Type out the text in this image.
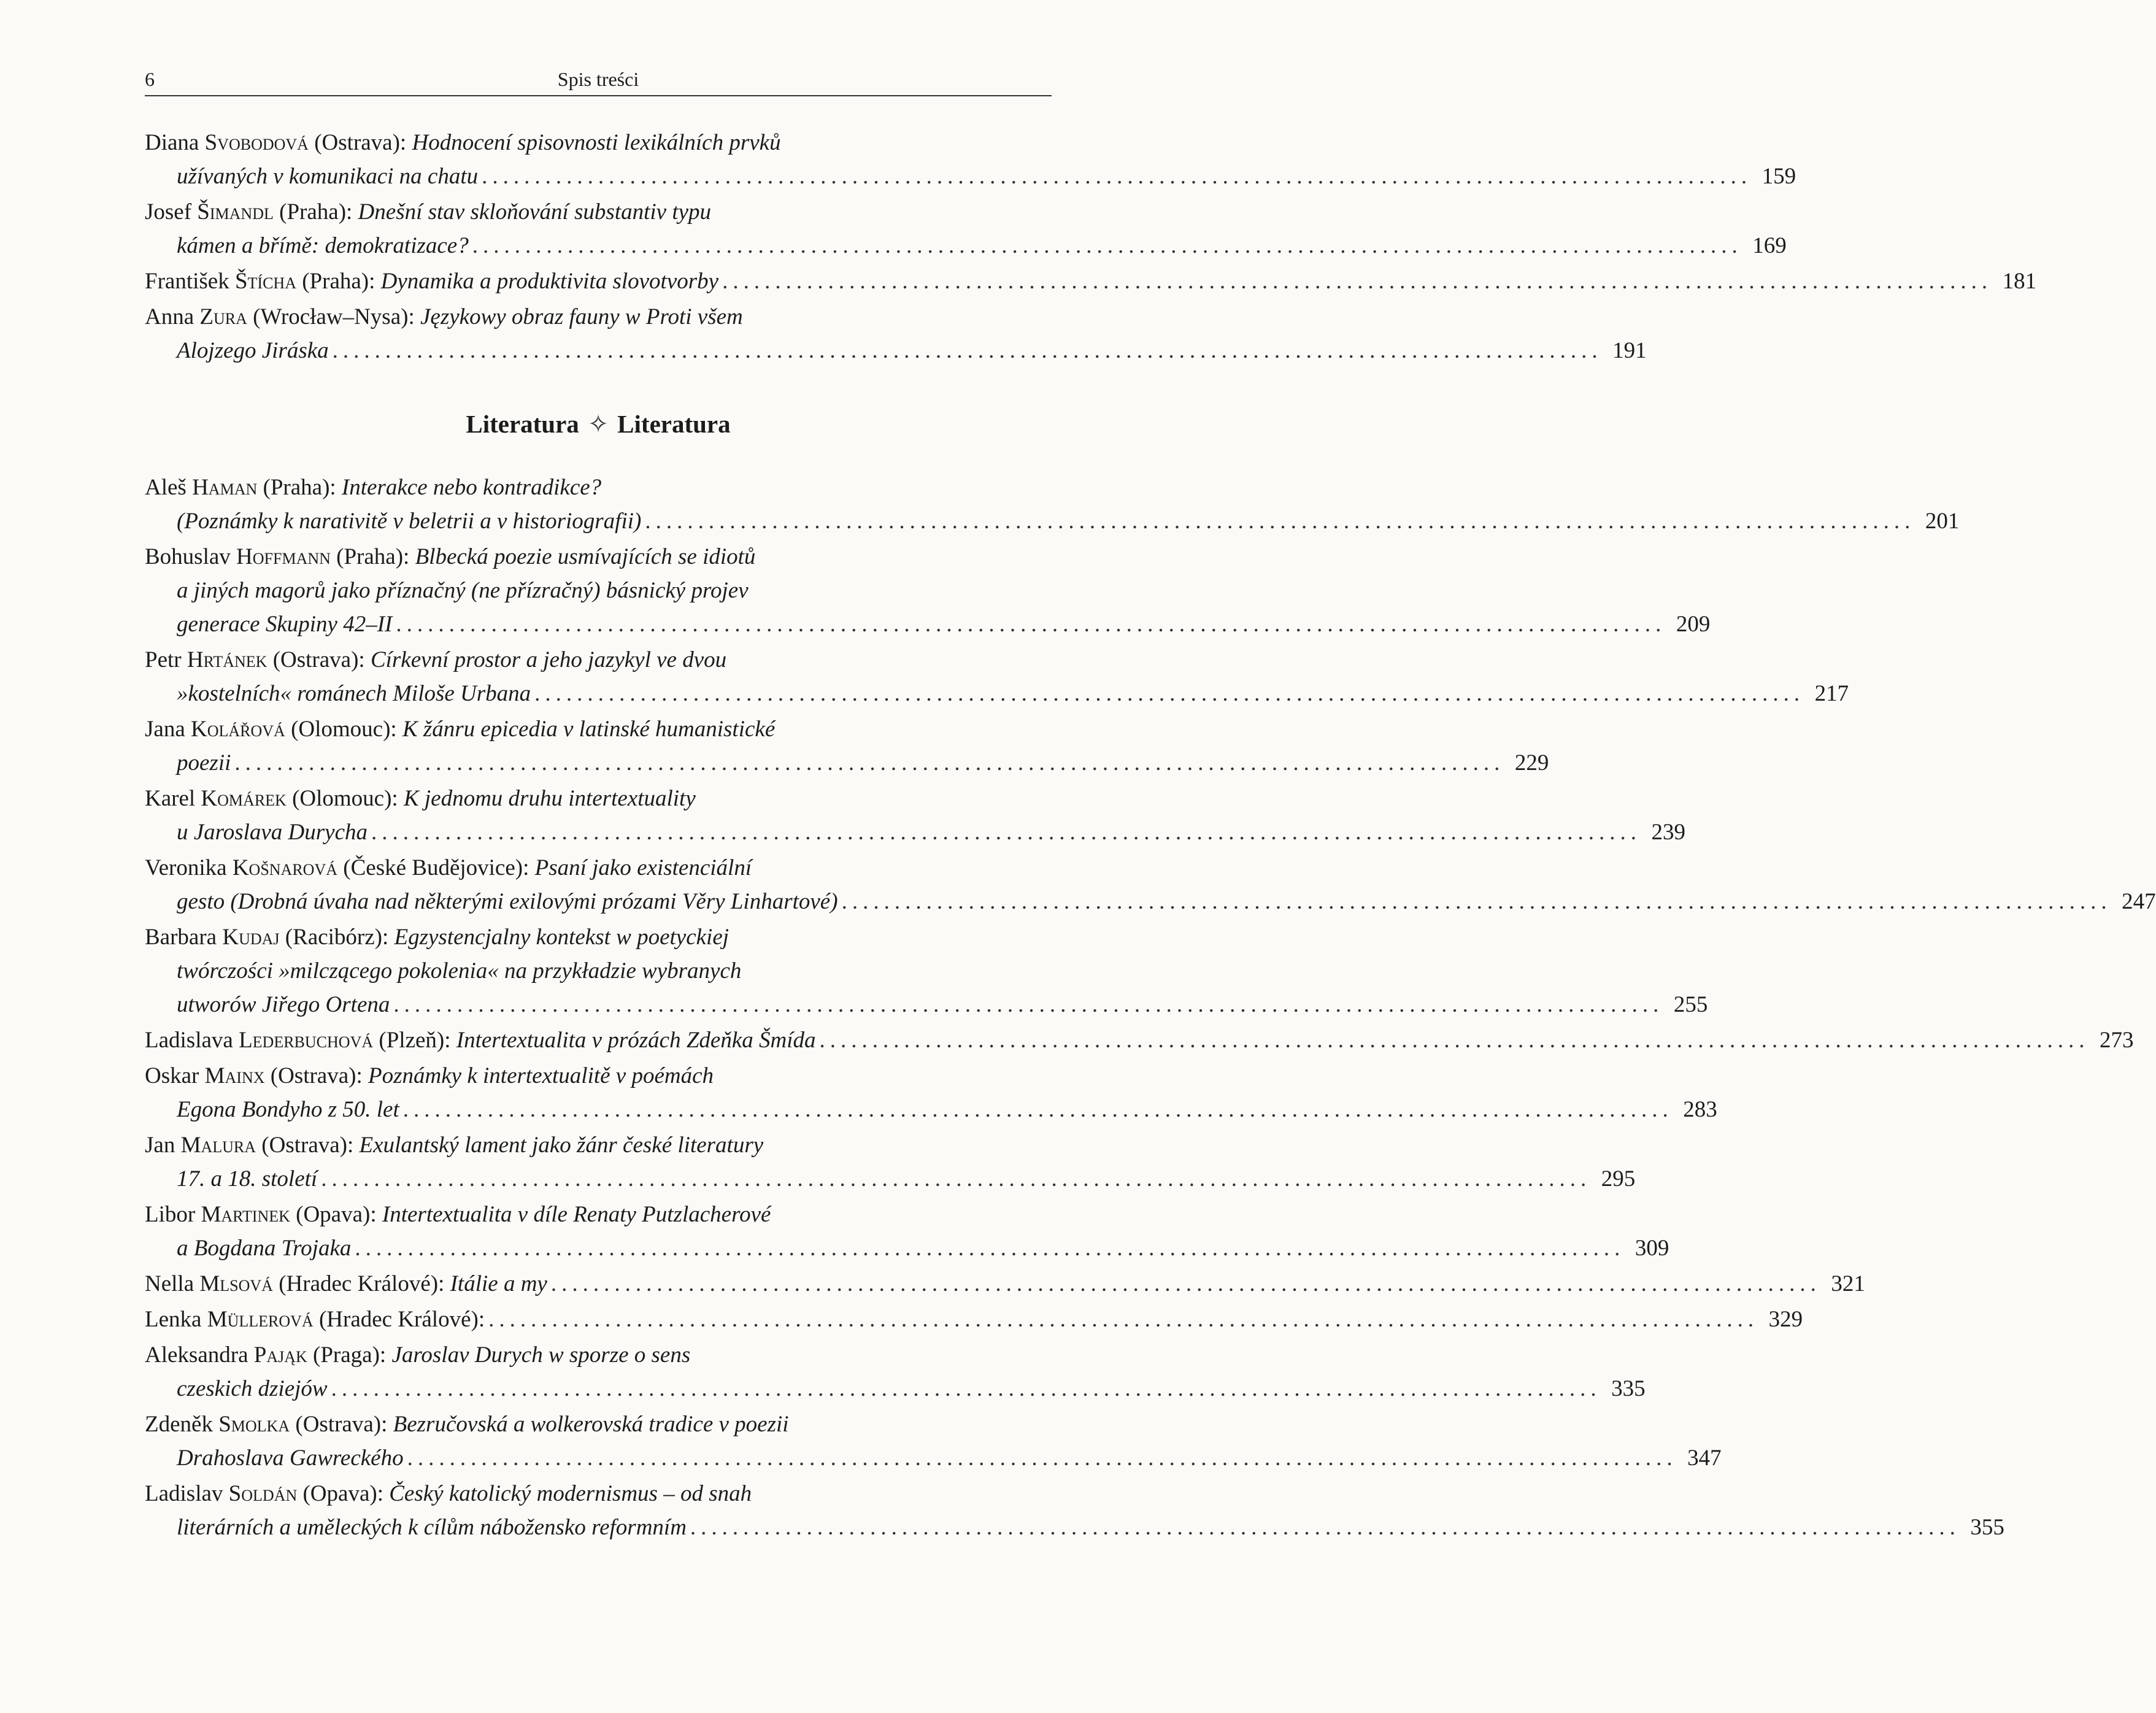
6	Spis treści
Diana Svobodová (Ostrava): Hodnocení spisovnosti lexikálních prvků
užívaných v komunikaci na chatu ........................................................................................................................ 159
Josef Šimandl (Praha): Dnešní stav skloňování substantiv typu
kámen a břímě: demokratizace? ........................................................................................................................ 169
František Štícha (Praha): Dynamika a produktivita slovotvorby ........................................................................................................................ 181
Anna Zura (Wrocław–Nysa): Językowy obraz fauny w Proti všem
Alojzego Jiráska ........................................................................................................................ 191
Literatura ✧ Literatura
Aleš Haman (Praha): Interakce nebo kontradikce?
(Poznámky k narativitě v beletrii a v historiografii) ........................................................................................................................ 201
Bohuslav Hoffmann (Praha): Blbecká poezie usmívajících se idiotů
a jiných magorů jako příznačný (ne přízračný) básnický projev
generace Skupiny 42–II ........................................................................................................................ 209
Petr Hrtánek (Ostrava): Církevní prostor a jeho jazykyl ve dvou
»kostelních« románech Miloše Urbana ........................................................................................................................ 217
Jana Kolářová (Olomouc): K žánru epicedia v latinské humanistické
poezii ........................................................................................................................ 229
Karel Komárek (Olomouc): K jednomu druhu intertextuality
u Jaroslava Durycha ........................................................................................................................ 239
Veronika Košnarová (České Budějovice): Psaní jako existenciální
gesto (Drobná úvaha nad některými exilovými prózami Věry Linhartové) ........................................................................................................................ 247
Barbara Kudaj (Racibórz): Egzystencjalny kontekst w poetyckiej
twórczości »milczącego pokolenia« na przykładzie wybranych
utworów Jiřego Ortena ........................................................................................................................ 255
Ladislava Lederbuchová (Plzeň): Intertextualita v prózách Zdeňka Šmída ........................................................................................................................ 273
Oskar Mainx (Ostrava): Poznámky k intertextualitě v poémách
Egona Bondyho z 50. let ........................................................................................................................ 283
Jan Malura (Ostrava): Exulantský lament jako žánr české literatury
17. a 18. století ........................................................................................................................ 295
Libor Martinek (Opava): Intertextualita v díle Renaty Putzlacherové
a Bogdana Trojaka ........................................................................................................................ 309
Nella Mlsová (Hradec Králové): Itálie a my ........................................................................................................................ 321
Lenka Müllerová (Hradec Králové): ........................................................................................................................ 329
Aleksandra Pająk (Praga): Jaroslav Durych w sporze o sens
czeskich dziejów ........................................................................................................................ 335
Zdeněk Smolka (Ostrava): Bezručovská a wolkerovská tradice v poezii
Drahoslava Gawreckého ........................................................................................................................ 347
Ladislav Soldán (Opava): Český katolický modernismus – od snah
literárních a uměleckých k cílům nábožensko reformním ........................................................................................................................ 355
